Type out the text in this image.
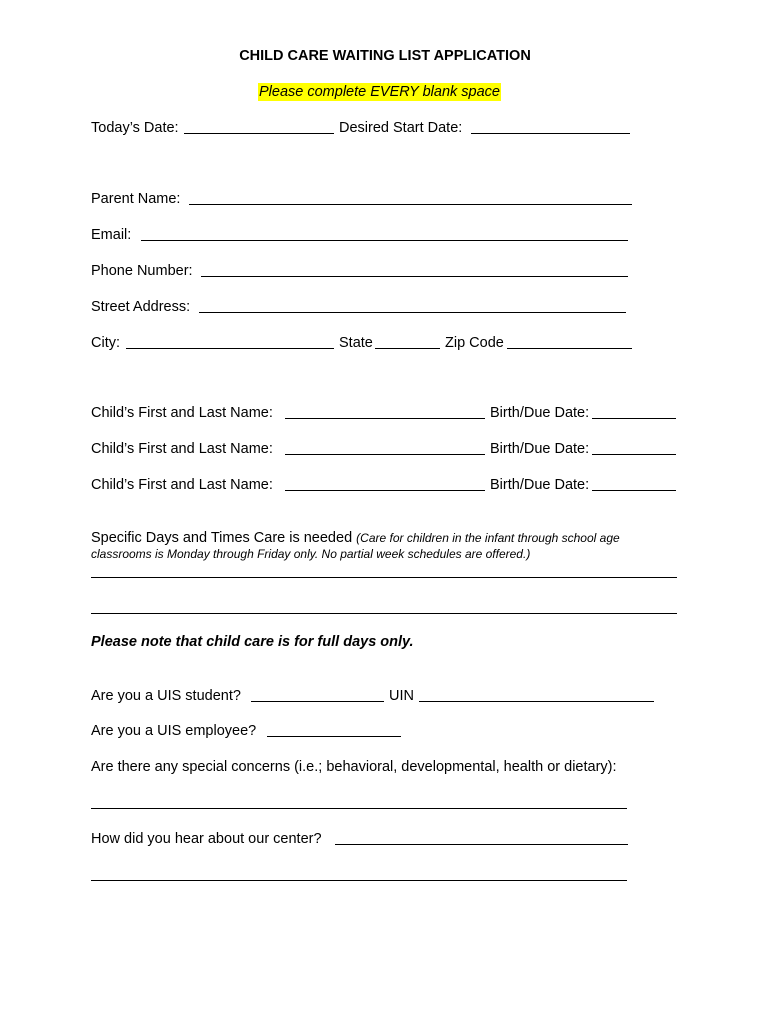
CHILD CARE WAITING LIST APPLICATION
Please complete EVERY blank space
Today’s Date:	Desired Start Date:
Parent Name:
Email:
Phone Number:
Street Address:
City:	State	Zip Code
Child’s First and Last Name:	Birth/Due Date:
Child’s First and Last Name:	Birth/Due Date:
Child’s First and Last Name:	Birth/Due Date:
Specific Days and Times Care is needed (Care for children in the infant through school age
classrooms is Monday through Friday only. No partial week schedules are offered.)
Please note that child care is for full days only.
Are you a UIS student?	UIN
Are you a UIS employee?
Are there any special concerns (i.e.; behavioral, developmental, health or dietary):
How did you hear about our center?
